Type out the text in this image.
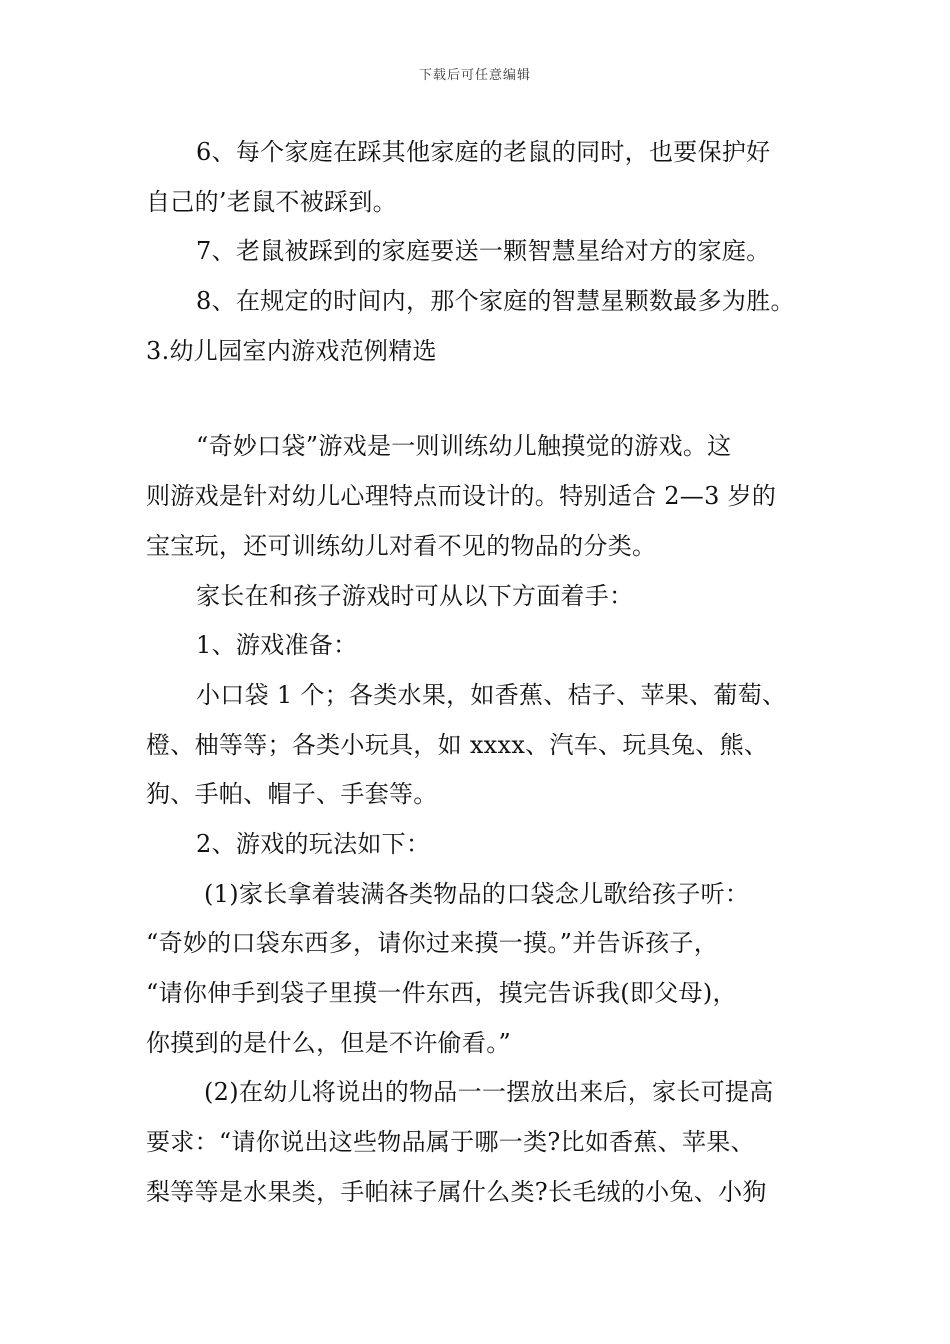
下载后可任意编辑
6、每个家庭在踩其他家庭的老鼠的同时，也要保护好
自己的’老鼠不被踩到。
7、老鼠被踩到的家庭要送一颗智慧星给对方的家庭。
8、在规定的时间内，那个家庭的智慧星颗数最多为胜。
3.幼儿园室内游戏范例精选
“奇妙口袋”游戏是一则训练幼儿触摸觉的游戏。这
则游戏是针对幼儿心理特点而设计的。特别适合 2—3 岁的
宝宝玩，还可训练幼儿对看不见的物品的分类。
家长在和孩子游戏时可从以下方面着手：
1、游戏准备：
小口袋 1 个；各类水果，如香蕉、桔子、苹果、葡萄、
橙、柚等等；各类小玩具，如 xxxx、汽车、玩具兔、熊、
狗、手帕、帽子、手套等。
2、游戏的玩法如下：
(1)家长拿着装满各类物品的口袋念儿歌给孩子听：
“奇妙的口袋东西多，请你过来摸一摸。”并告诉孩子，
“请你伸手到袋子里摸一件东西，摸完告诉我(即父母)，
你摸到的是什么，但是不许偷看。”
(2)在幼儿将说出的物品一一摆放出来后，家长可提高
要求：“请你说出这些物品属于哪一类?比如香蕉、苹果、
梨等等是水果类，手帕袜子属什么类?长毛绒的小兔、小狗
